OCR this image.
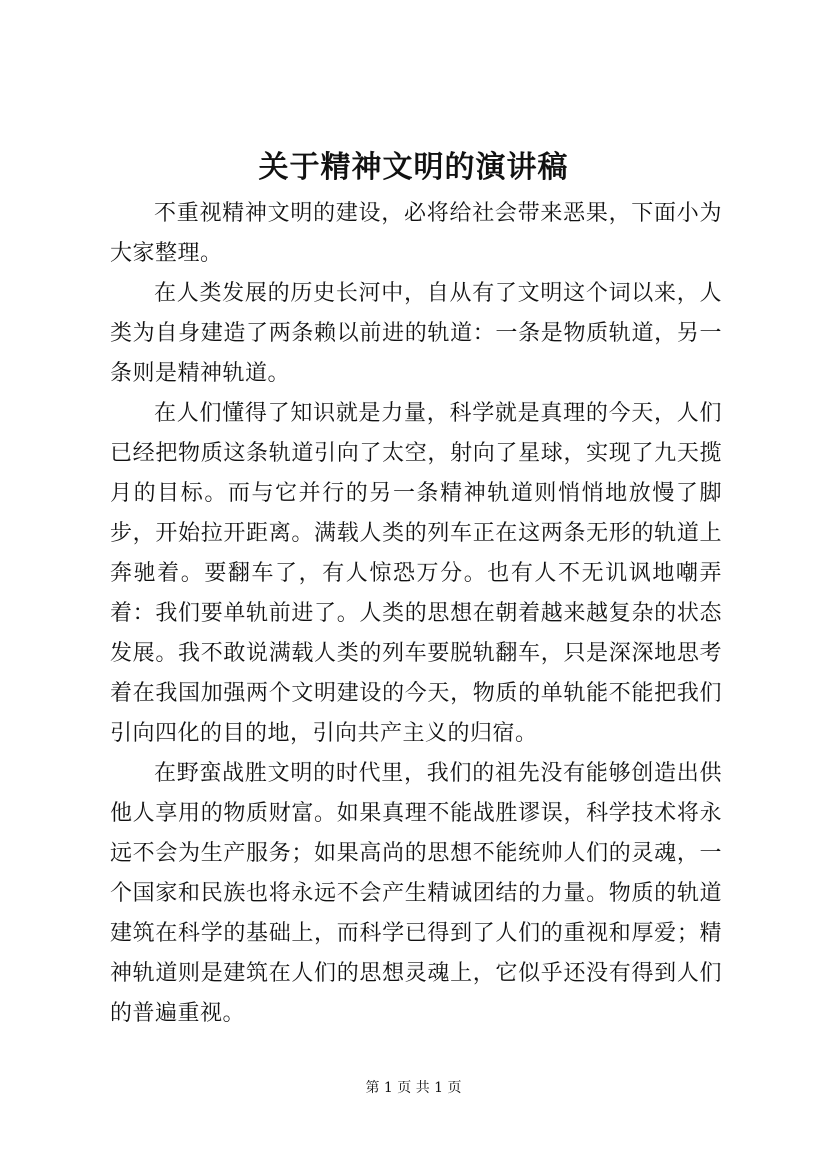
关于精神文明的演讲稿

不重视精神文明的建设，必将给社会带来恶果，下面小为大家整理。

在人类发展的历史长河中，自从有了文明这个词以来，人类为自身建造了两条赖以前进的轨道：一条是物质轨道，另一条则是精神轨道。

在人们懂得了知识就是力量，科学就是真理的今天，人们已经把物质这条轨道引向了太空，射向了星球，实现了九天揽月的目标。而与它并行的另一条精神轨道则悄悄地放慢了脚步，开始拉开距离。满载人类的列车正在这两条无形的轨道上奔驰着。要翻车了，有人惊恐万分。也有人不无讥讽地嘲弄着：我们要单轨前进了。人类的思想在朝着越来越复杂的状态发展。我不敢说满载人类的列车要脱轨翻车，只是深深地思考着在我国加强两个文明建设的今天，物质的单轨能不能把我们引向四化的目的地，引向共产主义的归宿。

在野蛮战胜文明的时代里，我们的祖先没有能够创造出供他人享用的物质财富。如果真理不能战胜谬误，科学技术将永远不会为生产服务；如果高尚的思想不能统帅人们的灵魂，一个国家和民族也将永远不会产生精诚团结的力量。物质的轨道建筑在科学的基础上，而科学已得到了人们的重视和厚爱；精神轨道则是建筑在人们的思想灵魂上，它似乎还没有得到人们的普遍重视。

第 1 页 共 1 页
